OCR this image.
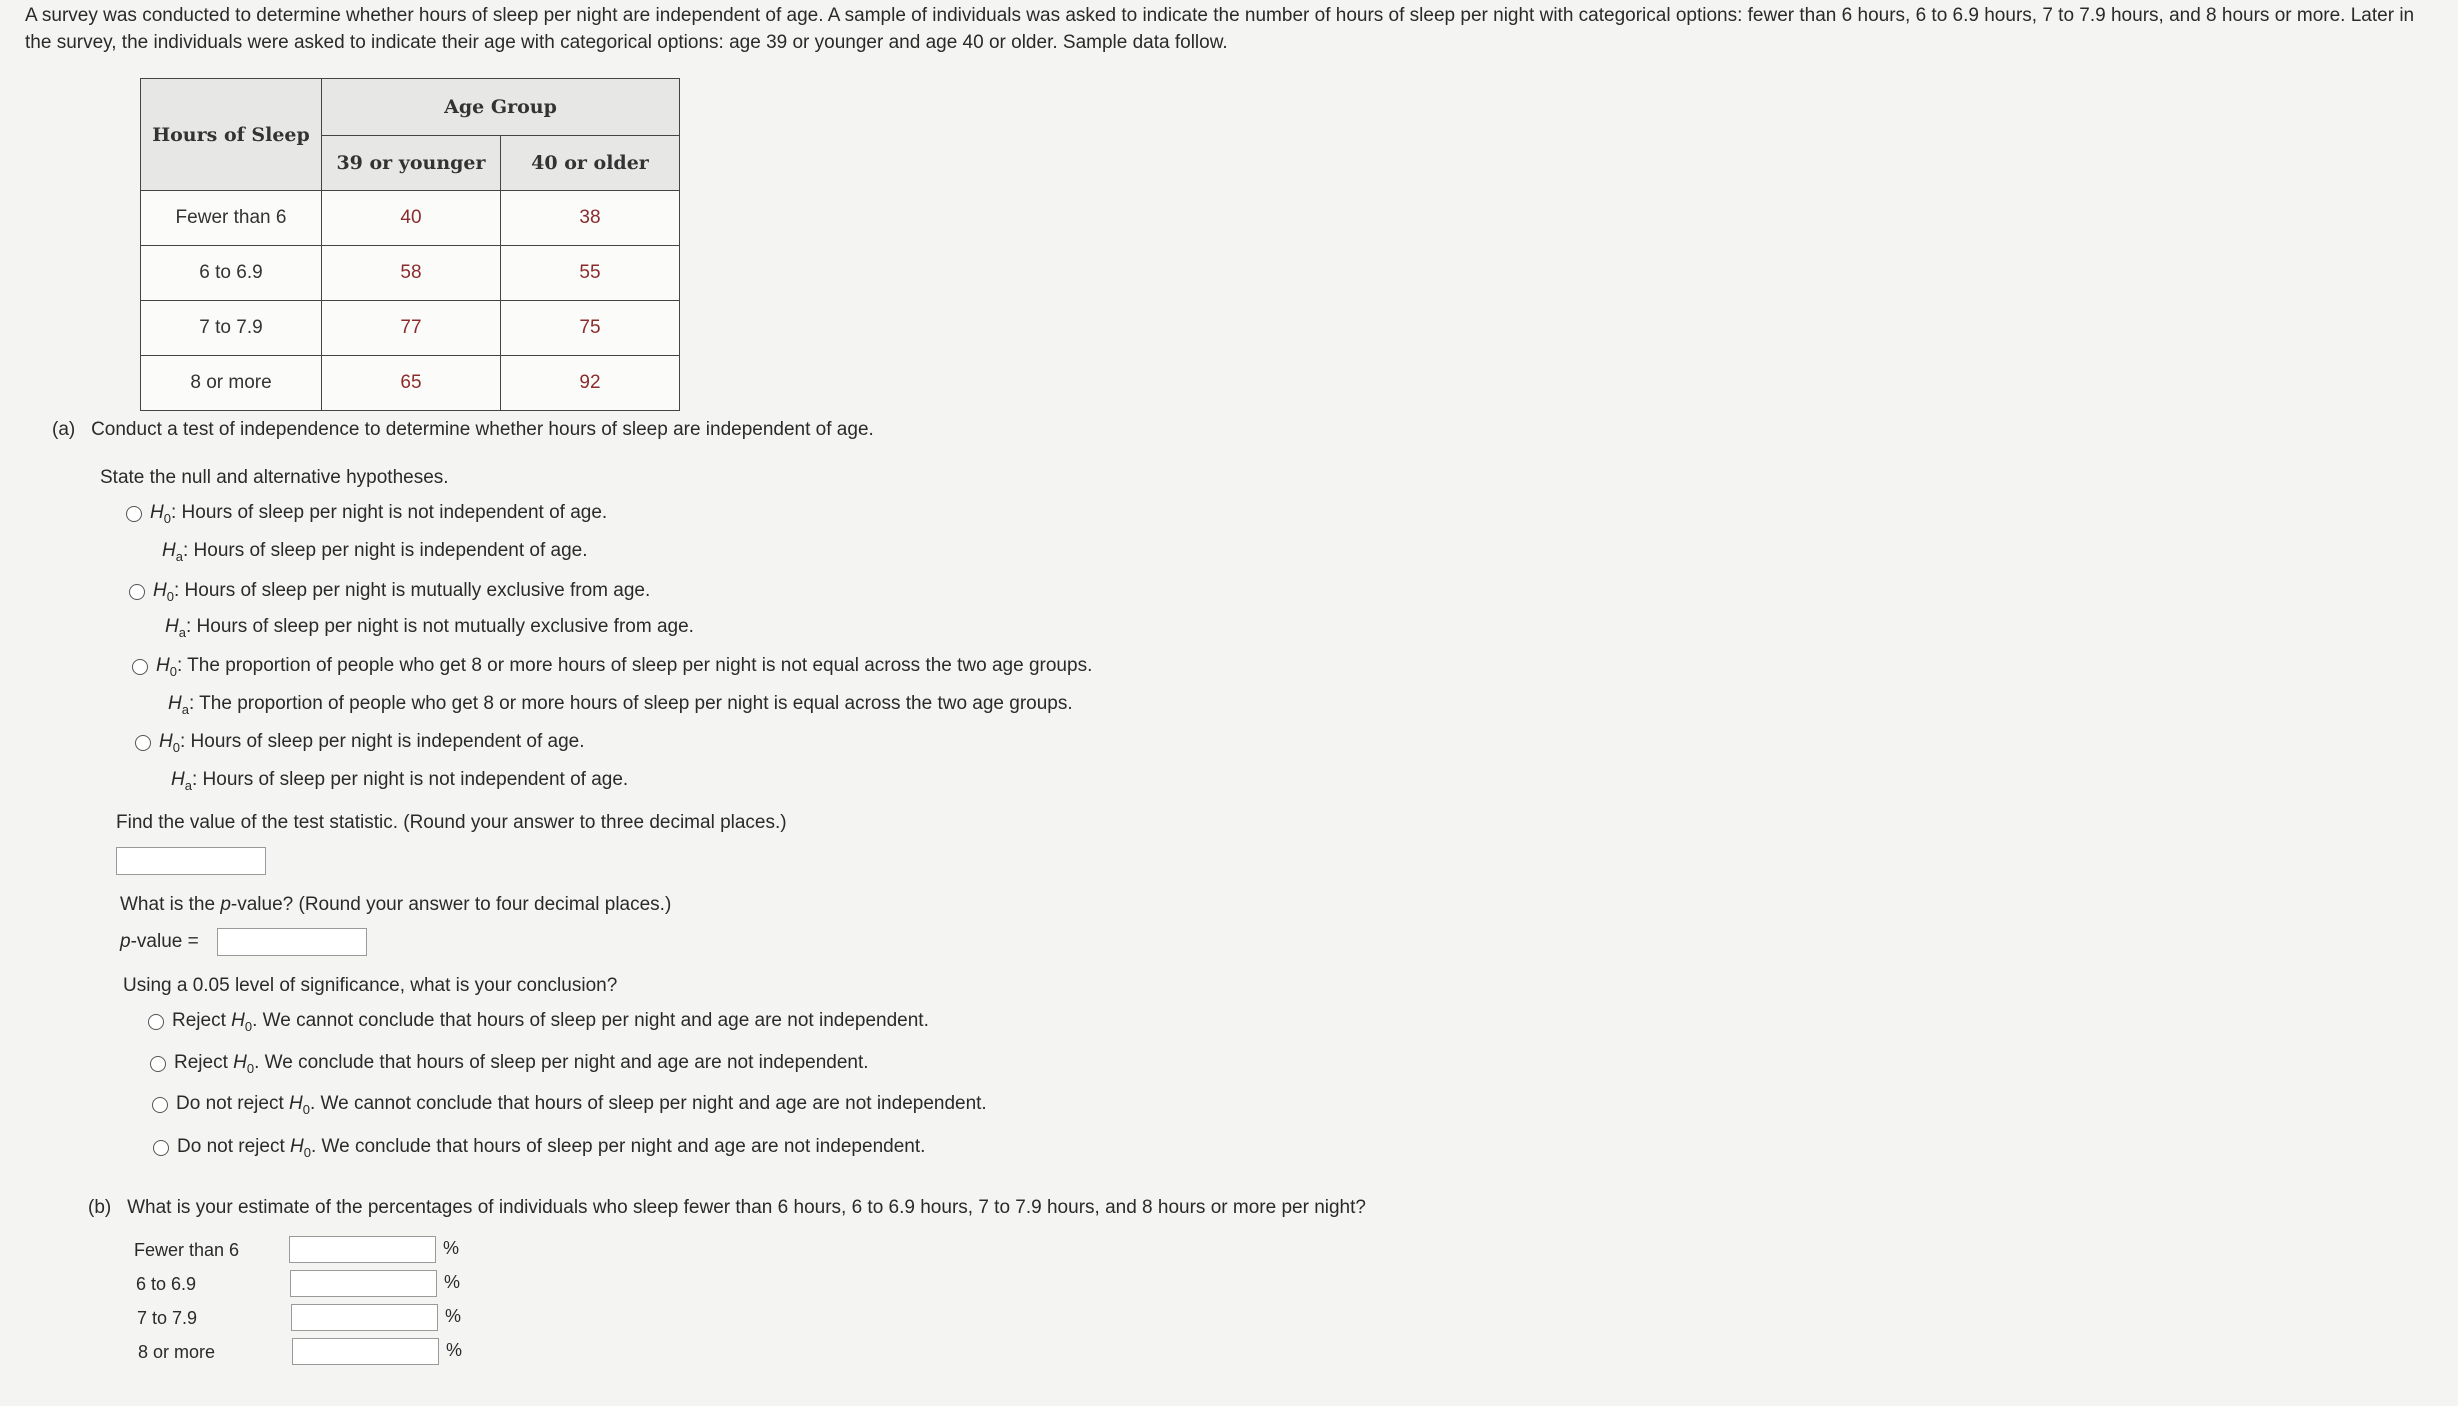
A survey was conducted to determine whether hours of sleep per night are independent of age. A sample of individuals was asked to indicate the number of hours of sleep per night with categorical options: fewer than 6 hours, 6 to 6.9 hours, 7 to 7.9 hours, and 8 hours or more. Later in the survey, the individuals were asked to indicate their age with categorical options: age 39 or younger and age 40 or older. Sample data follow.
Hours of Sleep	Age Group	
	39 or younger	40 or older
Fewer than 6	40	38
6 to 6.9	58	55
7 to 7.9	77	75
8 or more	65	92
(a) Conduct a test of independence to determine whether hours of sleep are independent of age.
State the null and alternative hypotheses.
$H_0$: Hours of sleep per night is not independent of age.
$H_a$: Hours of sleep per night is independent of age.
$H_0$: Hours of sleep per night is mutually exclusive from age.
$H_a$: Hours of sleep per night is not mutually exclusive from age.
$H_0$: The proportion of people who get 8 or more hours of sleep per night is not equal across the two age groups.
$H_a$: The proportion of people who get 8 or more hours of sleep per night is equal across the two age groups.
$H_0$: Hours of sleep per night is independent of age.
$H_a$: Hours of sleep per night is not independent of age.
Find the value of the test statistic. (Round your answer to three decimal places.)
What is the p-value? (Round your answer to four decimal places.)
p-value =
Using a 0.05 level of significance, what is your conclusion?
Reject $H_0$. We cannot conclude that hours of sleep per night and age are not independent.
Reject $H_0$. We conclude that hours of sleep per night and age are not independent.
Do not reject $H_0$. We cannot conclude that hours of sleep per night and age are not independent.
Do not reject $H_0$. We conclude that hours of sleep per night and age are not independent.
(b) What is your estimate of the percentages of individuals who sleep fewer than 6 hours, 6 to 6.9 hours, 7 to 7.9 hours, and 8 hours or more per night?
Fewer than 6	%
6 to 6.9	%
7 to 7.9	%
8 or more	%
